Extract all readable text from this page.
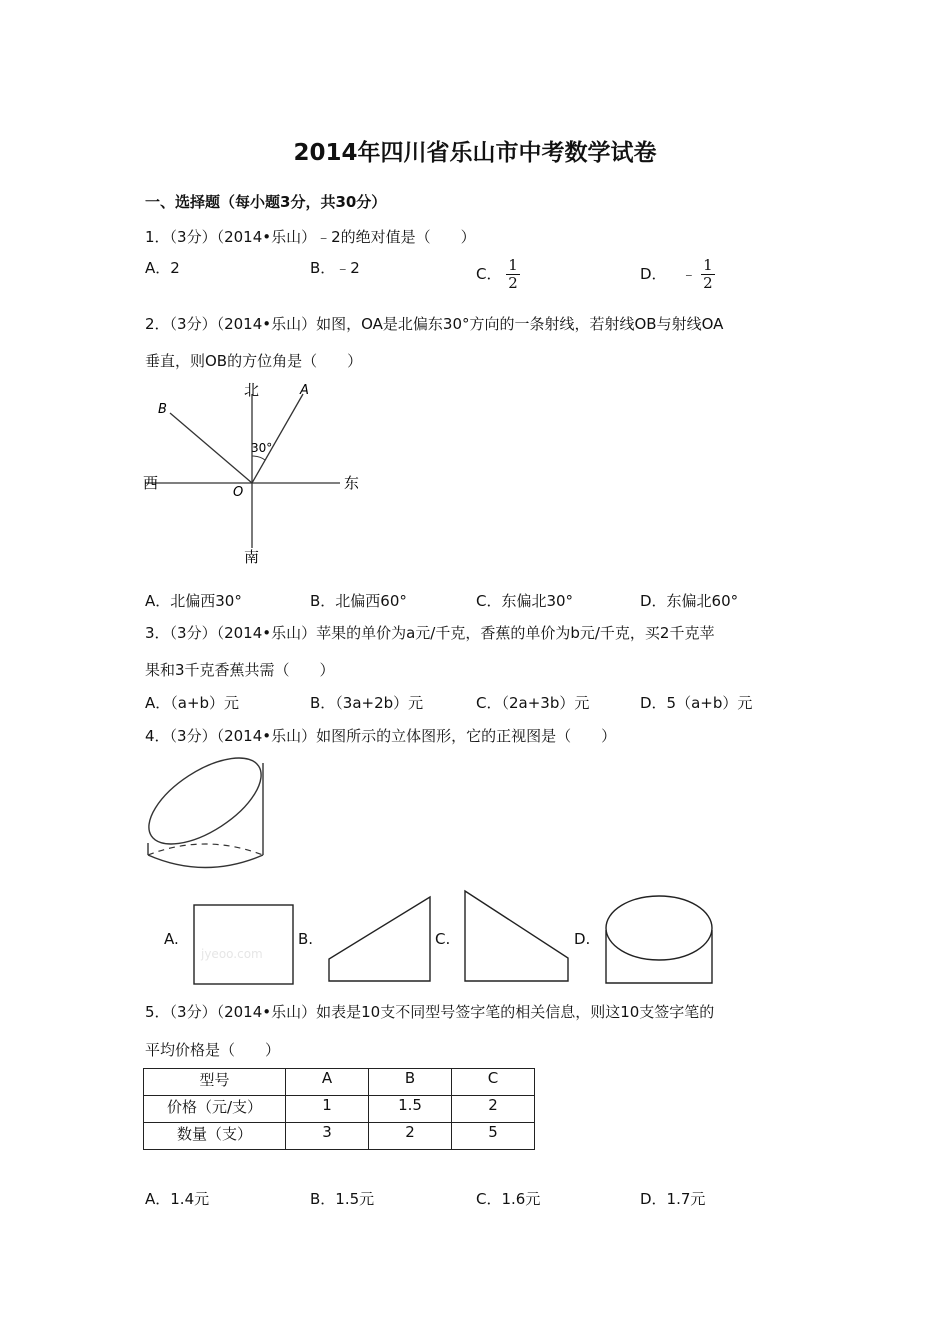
2014年四川省乐山市中考数学试卷
一、选择题（每小题3分，共30分）
1．（3分）（2014•乐山）﹣2的绝对值是（　　）
A．2	B．﹣2	C． $\frac{1}{2}$	D． ﹣ $\frac{1}{2}$
2．（3分）（2014•乐山）如图，OA是北偏东30°方向的一条射线，若射线OB与射线OA
垂直，则OB的方位角是（　　）
北
南
西	东
A
B
O
30°
A．北偏西30°	B．北偏西60°	C．东偏北30°	D．东偏北60°
3．（3分）（2014•乐山）苹果的单价为a元/千克，香蕉的单价为b元/千克，买2千克苹
果和3千克香蕉共需（　　）
A．（a+b）元	B．（3a+2b）元	C．（2a+3b）元	D．5（a+b）元
4．（3分）（2014•乐山）如图所示的立体图形，它的正视图是（　　）
A.
jyeoo.com
B.	C.	D.
5．（3分）（2014•乐山）如表是10支不同型号签字笔的相关信息，则这10支签字笔的
平均价格是（　　）
型号	A	B	C
价格（元/支）	1	1.5	2
数量（支）	3	2	5
A．1.4元	B．1.5元	C．1.6元	D．1.7元
